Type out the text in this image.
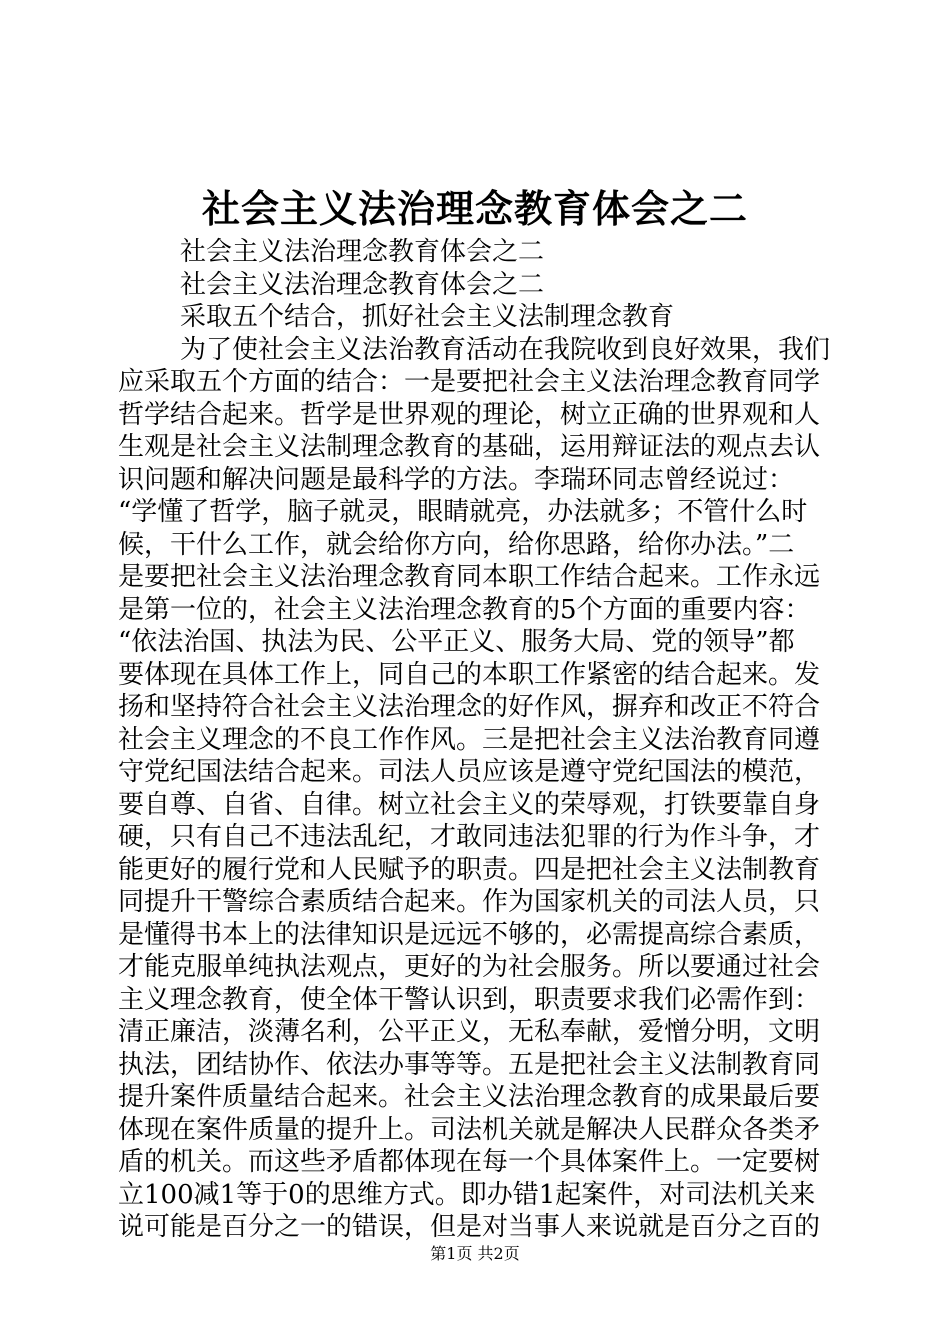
社会主义法治理念教育体会之二
社会主义法治理念教育体会之二
社会主义法治理念教育体会之二
采取五个结合，抓好社会主义法制理念教育
为了使社会主义法治教育活动在我院收到良好效果，我们
应采取五个方面的结合：一是要把社会主义法治理念教育同学
哲学结合起来。哲学是世界观的理论，树立正确的世界观和人
生观是社会主义法制理念教育的基础，运用辩证法的观点去认
识问题和解决问题是最科学的方法。李瑞环同志曾经说过：
“学懂了哲学，脑子就灵，眼睛就亮，办法就多；不管什么时
候，干什么工作，就会给你方向，给你思路，给你办法。”二
是要把社会主义法治理念教育同本职工作结合起来。工作永远
是第一位的，社会主义法治理念教育的5个方面的重要内容：
“依法治国、执法为民、公平正义、服务大局、党的领导”都
要体现在具体工作上，同自己的本职工作紧密的结合起来。发
扬和坚持符合社会主义法治理念的好作风，摒弃和改正不符合
社会主义理念的不良工作作风。三是把社会主义法治教育同遵
守党纪国法结合起来。司法人员应该是遵守党纪国法的模范，
要自尊、自省、自律。树立社会主义的荣辱观，打铁要靠自身
硬，只有自己不违法乱纪，才敢同违法犯罪的行为作斗争，才
能更好的履行党和人民赋予的职责。四是把社会主义法制教育
同提升干警综合素质结合起来。作为国家机关的司法人员，只
是懂得书本上的法律知识是远远不够的，必需提高综合素质，
才能克服单纯执法观点，更好的为社会服务。所以要通过社会
主义理念教育，使全体干警认识到，职责要求我们必需作到：
清正廉洁，淡薄名利，公平正义，无私奉献，爱憎分明，文明
执法，团结协作、依法办事等等。五是把社会主义法制教育同
提升案件质量结合起来。社会主义法治理念教育的成果最后要
体现在案件质量的提升上。司法机关就是解决人民群众各类矛
盾的机关。而这些矛盾都体现在每一个具体案件上。一定要树
立100减1等于0的思维方式。即办错1起案件，对司法机关来
说可能是百分之一的错误，但是对当事人来说就是百分之百的
第1页 共2页
